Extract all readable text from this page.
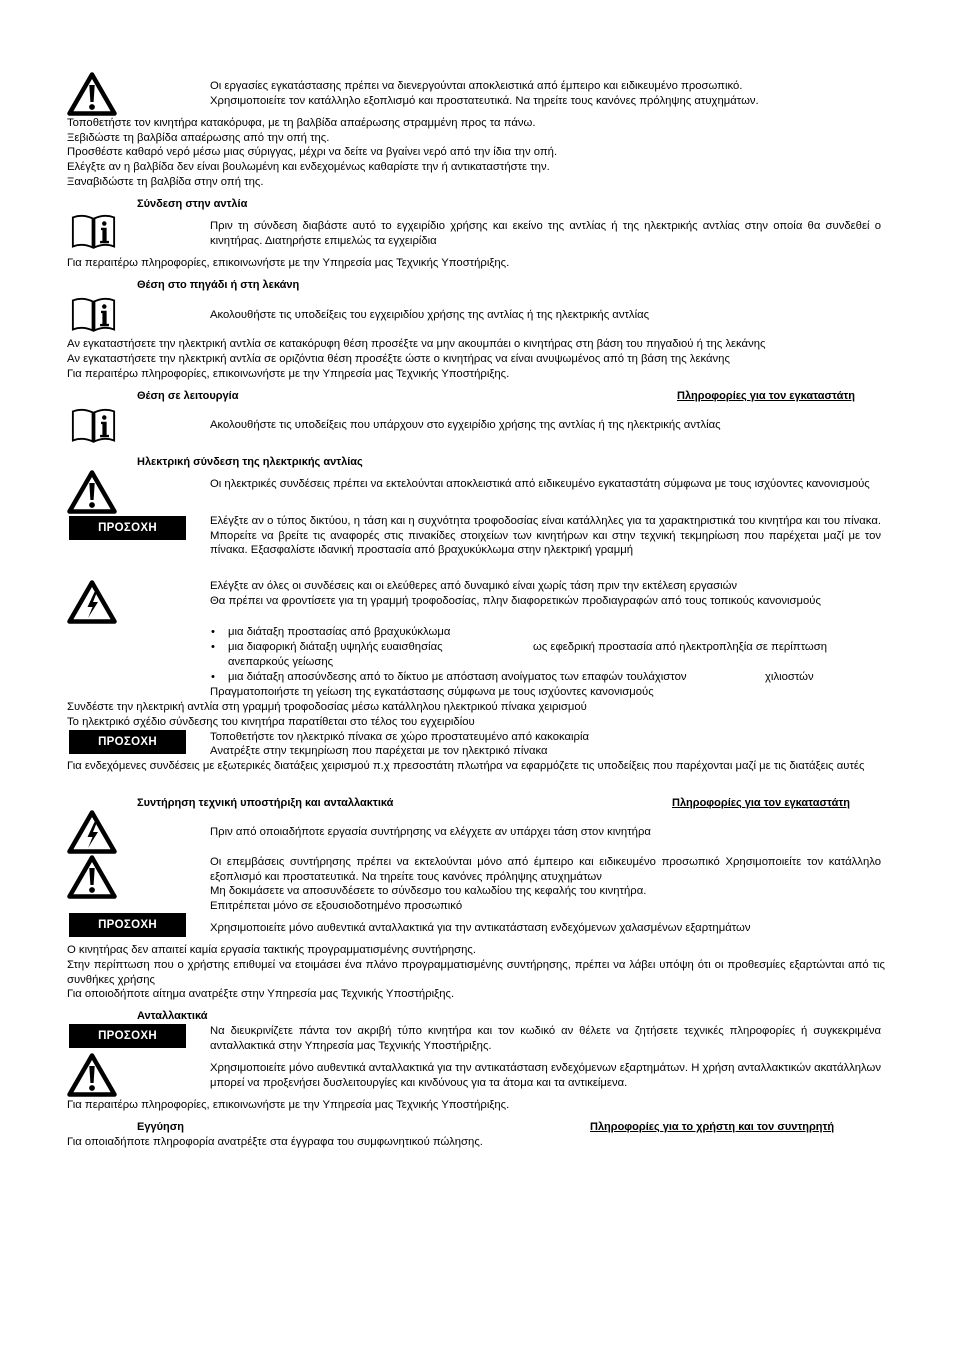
Οι εργασίες εγκατάστασης πρέπει να διενεργούνται αποκλειστικά από έμπειρο και ειδικευμένο προσωπικό.
Χρησιμοποιείτε τον κατάλληλο εξοπλισμό και προστατευτικά. Να τηρείτε τους κανόνες πρόληψης ατυχημάτων.
Τοποθετήστε τον κινητήρα κατακόρυφα, με τη βαλβίδα απαέρωσης στραμμένη προς τα πάνω.
Ξεβιδώστε τη βαλβίδα απαέρωσης από την οπή της.
Προσθέστε καθαρό νερό μέσω μιας σύριγγας, μέχρι να δείτε να βγαίνει νερό από την ίδια την οπή.
Ελέγξτε αν η βαλβίδα δεν είναι βουλωμένη και ενδεχομένως καθαρίστε την ή αντικαταστήστε την.
Ξαναβιδώστε τη βαλβίδα στην οπή της.
Σύνδεση στην αντλία
Πριν τη σύνδεση διαβάστε αυτό το εγχειρίδιο χρήσης και εκείνο της αντλίας ή της ηλεκτρικής αντλίας στην οποία θα συνδεθεί ο κινητήρας. Διατηρήστε επιμελώς τα εγχειρίδια
Για περαιτέρω πληροφορίες, επικοινωνήστε με την Υπηρεσία μας Τεχνικής Υποστήριξης.
Θέση στο πηγάδι ή στη λεκάνη
Ακολουθήστε τις υποδείξεις του εγχειριδίου χρήσης της αντλίας ή της ηλεκτρικής αντλίας
Αν εγκαταστήσετε την ηλεκτρική αντλία σε κατακόρυφη θέση προσέξτε να μην ακουμπάει ο κινητήρας στη βάση του πηγαδιού ή της λεκάνης
Αν εγκαταστήσετε την ηλεκτρική αντλία σε οριζόντια θέση προσέξτε ώστε ο κινητήρας να είναι ανυψωμένος από τη βάση της λεκάνης
Για περαιτέρω πληροφορίες, επικοινωνήστε με την Υπηρεσία μας Τεχνικής Υποστήριξης.
Θέση σε λειτουργία	Πληροφορίες για τον εγκαταστάτη
Ακολουθήστε τις υποδείξεις που υπάρχουν στο εγχειρίδιο χρήσης της αντλίας ή της ηλεκτρικής αντλίας
Ηλεκτρική σύνδεση της ηλεκτρικής αντλίας
Οι ηλεκτρικές συνδέσεις πρέπει να εκτελούνται αποκλειστικά από ειδικευμένο εγκαταστάτη σύμφωνα με τους ισχύοντες κανονισμούς
ΠΡΟΣΟΧΗ
Ελέγξτε αν ο τύπος δικτύου, η τάση και η συχνότητα τροφοδοσίας είναι κατάλληλες για τα χαρακτηριστικά του κινητήρα και του πίνακα. Μπορείτε να βρείτε τις αναφορές στις πινακίδες στοιχείων των κινητήρων και στην τεχνική τεκμηρίωση που παρέχεται μαζί με τον πίνακα. Εξασφαλίστε ιδανική προστασία από βραχυκύκλωμα στην ηλεκτρική γραμμή
Ελέγξτε αν όλες οι συνδέσεις και οι ελεύθερες από δυναμικό είναι χωρίς τάση πριν την εκτέλεση εργασιών
Θα πρέπει να φροντίσετε για τη γραμμή τροφοδοσίας, πλην διαφορετικών προδιαγραφών από τους τοπικούς κανονισμούς
• μια διάταξη προστασίας από βραχυκύκλωμα
• μια διαφορική διάταξη υψηλής ευαισθησίας	ως εφεδρική προστασία από ηλεκτροπληξία σε περίπτωση
ανεπαρκούς γείωσης
• μια διάταξη αποσύνδεσης από το δίκτυο με απόσταση ανοίγματος των επαφών τουλάχιστον	χιλιοστών
Πραγματοποιήστε τη γείωση της εγκατάστασης σύμφωνα με τους ισχύοντες κανονισμούς
Συνδέστε την ηλεκτρική αντλία στη γραμμή τροφοδοσίας μέσω κατάλληλου ηλεκτρικού πίνακα χειρισμού
Το ηλεκτρικό σχέδιο σύνδεσης του κινητήρα παρατίθεται στο τέλος του εγχειριδίου
ΠΡΟΣΟΧΗ	Τοποθετήστε τον ηλεκτρικό πίνακα σε χώρο προστατευμένο από κακοκαιρία
Ανατρέξτε στην τεκμηρίωση που παρέχεται με τον ηλεκτρικό πίνακα
Για ενδεχόμενες συνδέσεις με εξωτερικές διατάξεις χειρισμού π.χ πρεσοστάτη πλωτήρα να εφαρμόζετε τις υποδείξεις που παρέχονται μαζί με τις διατάξεις αυτές
Συντήρηση τεχνική υποστήριξη και ανταλλακτικά	Πληροφορίες για τον εγκαταστάτη
Πριν από οποιαδήποτε εργασία συντήρησης να ελέγχετε αν υπάρχει τάση στον κινητήρα
Οι επεμβάσεις συντήρησης πρέπει να εκτελούνται μόνο από έμπειρο και ειδικευμένο προσωπικό Χρησιμοποιείτε τον κατάλληλο εξοπλισμό και προστατευτικά. Να τηρείτε τους κανόνες πρόληψης ατυχημάτων
Μη δοκιμάσετε να αποσυνδέσετε το σύνδεσμο του καλωδίου της κεφαλής του κινητήρα.
Επιτρέπεται μόνο σε εξουσιοδοτημένο προσωπικό
ΠΡΟΣΟΧΗ	Χρησιμοποιείτε μόνο αυθεντικά ανταλλακτικά για την αντικατάσταση ενδεχόμενων χαλασμένων εξαρτημάτων
Ο κινητήρας δεν απαιτεί καμία εργασία τακτικής προγραμματισμένης συντήρησης.
Στην περίπτωση που ο χρήστης επιθυμεί να ετοιμάσει ένα πλάνο προγραμματισμένης συντήρησης, πρέπει να λάβει υπόψη ότι οι προθεσμίες εξαρτώνται από τις συνθήκες χρήσης
Για οποιοδήποτε αίτημα ανατρέξτε στην Υπηρεσία μας Τεχνικής Υποστήριξης.
Ανταλλακτικά
ΠΡΟΣΟΧΗ	Να διευκρινίζετε πάντα τον ακριβή τύπο κινητήρα και τον κωδικό αν θέλετε να ζητήσετε τεχνικές πληροφορίες ή συγκεκριμένα ανταλλακτικά στην Υπηρεσία μας Τεχνικής Υποστήριξης.
Χρησιμοποιείτε μόνο αυθεντικά ανταλλακτικά για την αντικατάσταση ενδεχόμενων εξαρτημάτων. Η χρήση ανταλλακτικών ακατάλληλων μπορεί να προξενήσει δυσλειτουργίες και κινδύνους για τα άτομα και τα αντικείμενα.
Για περαιτέρω πληροφορίες, επικοινωνήστε με την Υπηρεσία μας Τεχνικής Υποστήριξης.
Εγγύηση	Πληροφορίες για το χρήστη και τον συντηρητή
Για οποιαδήποτε πληροφορία ανατρέξτε στα έγγραφα του συμφωνητικού πώλησης.
